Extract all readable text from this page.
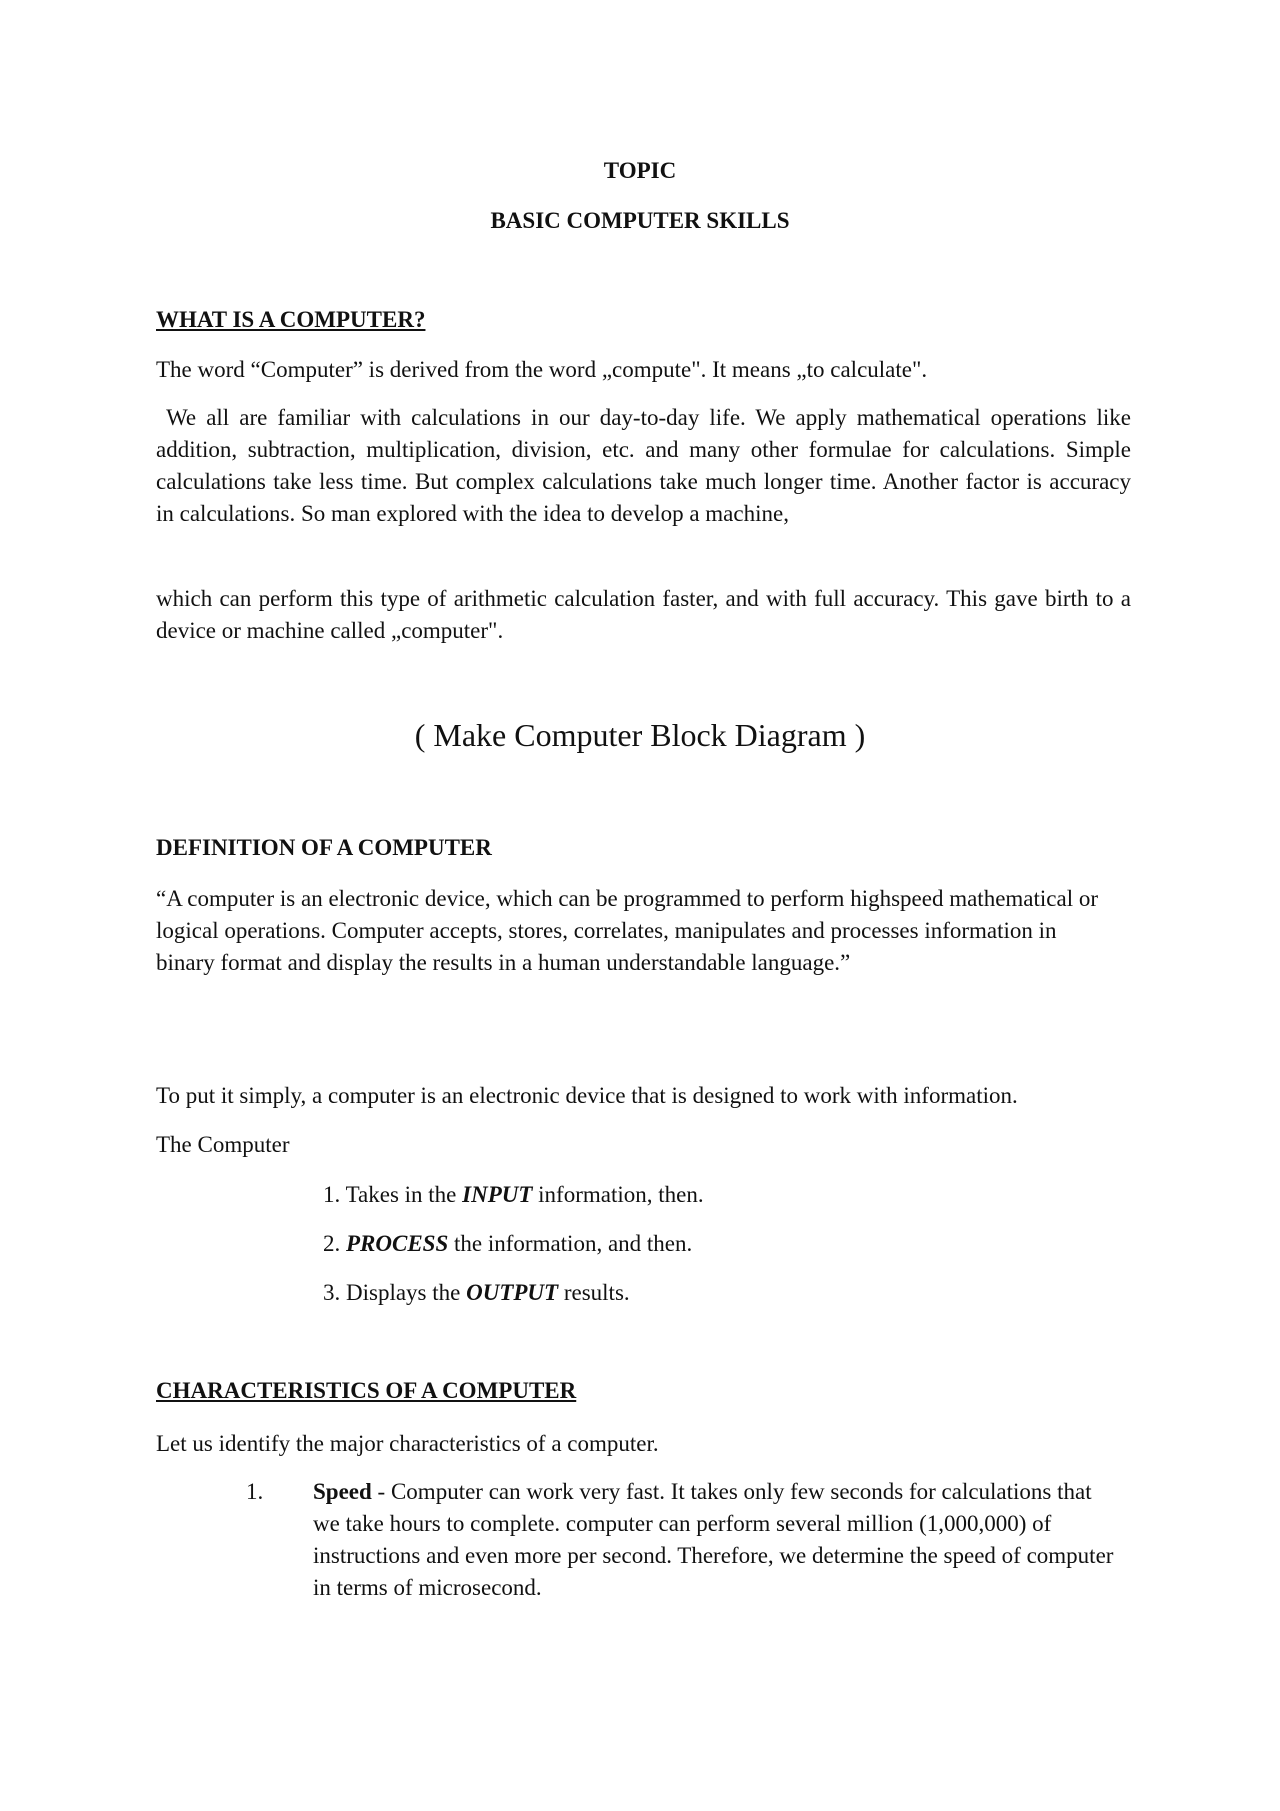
TOPIC

BASIC COMPUTER SKILLS

WHAT IS A COMPUTER?

The word “Computer” is derived from the word „compute". It means „to calculate".

We all are familiar with calculations in our day-to-day life. We apply mathematical operations like addition, subtraction, multiplication, division, etc. and many other formulae for calculations. Simple calculations take less time. But complex calculations take much longer time. Another factor is accuracy in calculations. So man explored with the idea to develop a machine,

which can perform this type of arithmetic calculation faster, and with full accuracy. This gave birth to a device or machine called „computer".

( Make Computer Block Diagram )

DEFINITION OF A COMPUTER

“A computer is an electronic device, which can be programmed to perform highspeed mathematical or logical operations. Computer accepts, stores, correlates, manipulates and processes information in binary format and display the results in a human understandable language.”

To put it simply, a computer is an electronic device that is designed to work with information.

The Computer

1. Takes in the INPUT information, then.

2. PROCESS the information, and then.

3. Displays the OUTPUT results.

CHARACTERISTICS OF A COMPUTER

Let us identify the major characteristics of a computer.

1. Speed - Computer can work very fast. It takes only few seconds for calculations that we take hours to complete. computer can perform several million (1,000,000) of instructions and even more per second. Therefore, we determine the speed of computer in terms of microsecond.
